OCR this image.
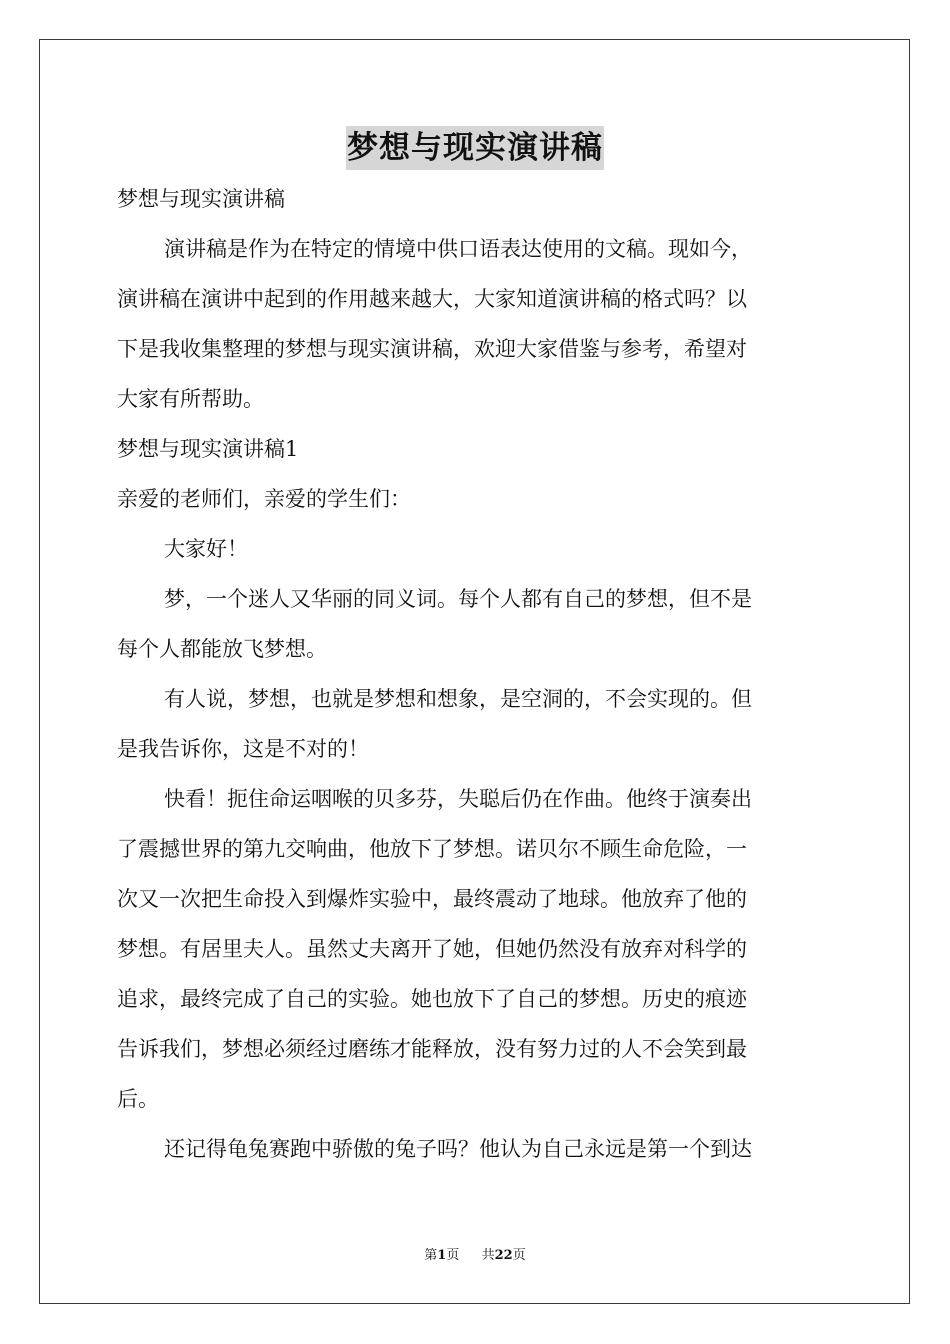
梦想与现实演讲稿
梦想与现实演讲稿
演讲稿是作为在特定的情境中供口语表达使用的文稿。现如今，
演讲稿在演讲中起到的作用越来越大，大家知道演讲稿的格式吗？以
下是我收集整理的梦想与现实演讲稿，欢迎大家借鉴与参考，希望对
大家有所帮助。
梦想与现实演讲稿1
亲爱的老师们，亲爱的学生们：
大家好！
梦，一个迷人又华丽的同义词。每个人都有自己的梦想，但不是
每个人都能放飞梦想。
有人说，梦想，也就是梦想和想象，是空洞的，不会实现的。但
是我告诉你，这是不对的！
快看！扼住命运咽喉的贝多芬，失聪后仍在作曲。他终于演奏出
了震撼世界的第九交响曲，他放下了梦想。诺贝尔不顾生命危险，一
次又一次把生命投入到爆炸实验中，最终震动了地球。他放弃了他的
梦想。有居里夫人。虽然丈夫离开了她，但她仍然没有放弃对科学的
追求，最终完成了自己的实验。她也放下了自己的梦想。历史的痕迹
告诉我们，梦想必须经过磨练才能释放，没有努力过的人不会笑到最
后。
还记得龟兔赛跑中骄傲的兔子吗？他认为自己永远是第一个到达
第1页 共22页
